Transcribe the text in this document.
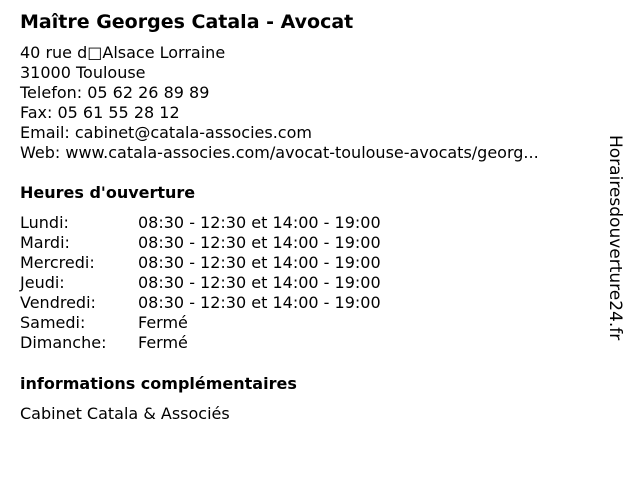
Maître Georges Catala - Avocat
40 rue d□Alsace Lorraine
31000 Toulouse
Telefon: 05 62 26 89 89
Fax: 05 61 55 28 12
Email: cabinet@catala-associes.com
Web: www.catala-associes.com/avocat-toulouse-avocats/georg...
Heures d'ouverture
Lundi:	08:30 - 12:30 et 14:00 - 19:00
Mardi:	08:30 - 12:30 et 14:00 - 19:00
Mercredi:	08:30 - 12:30 et 14:00 - 19:00
Jeudi:	08:30 - 12:30 et 14:00 - 19:00
Vendredi:	08:30 - 12:30 et 14:00 - 19:00
Samedi:	Fermé
Dimanche: Fermé
informations complémentaires
Cabinet Catala & Associés
Horairesdouverture24.fr
